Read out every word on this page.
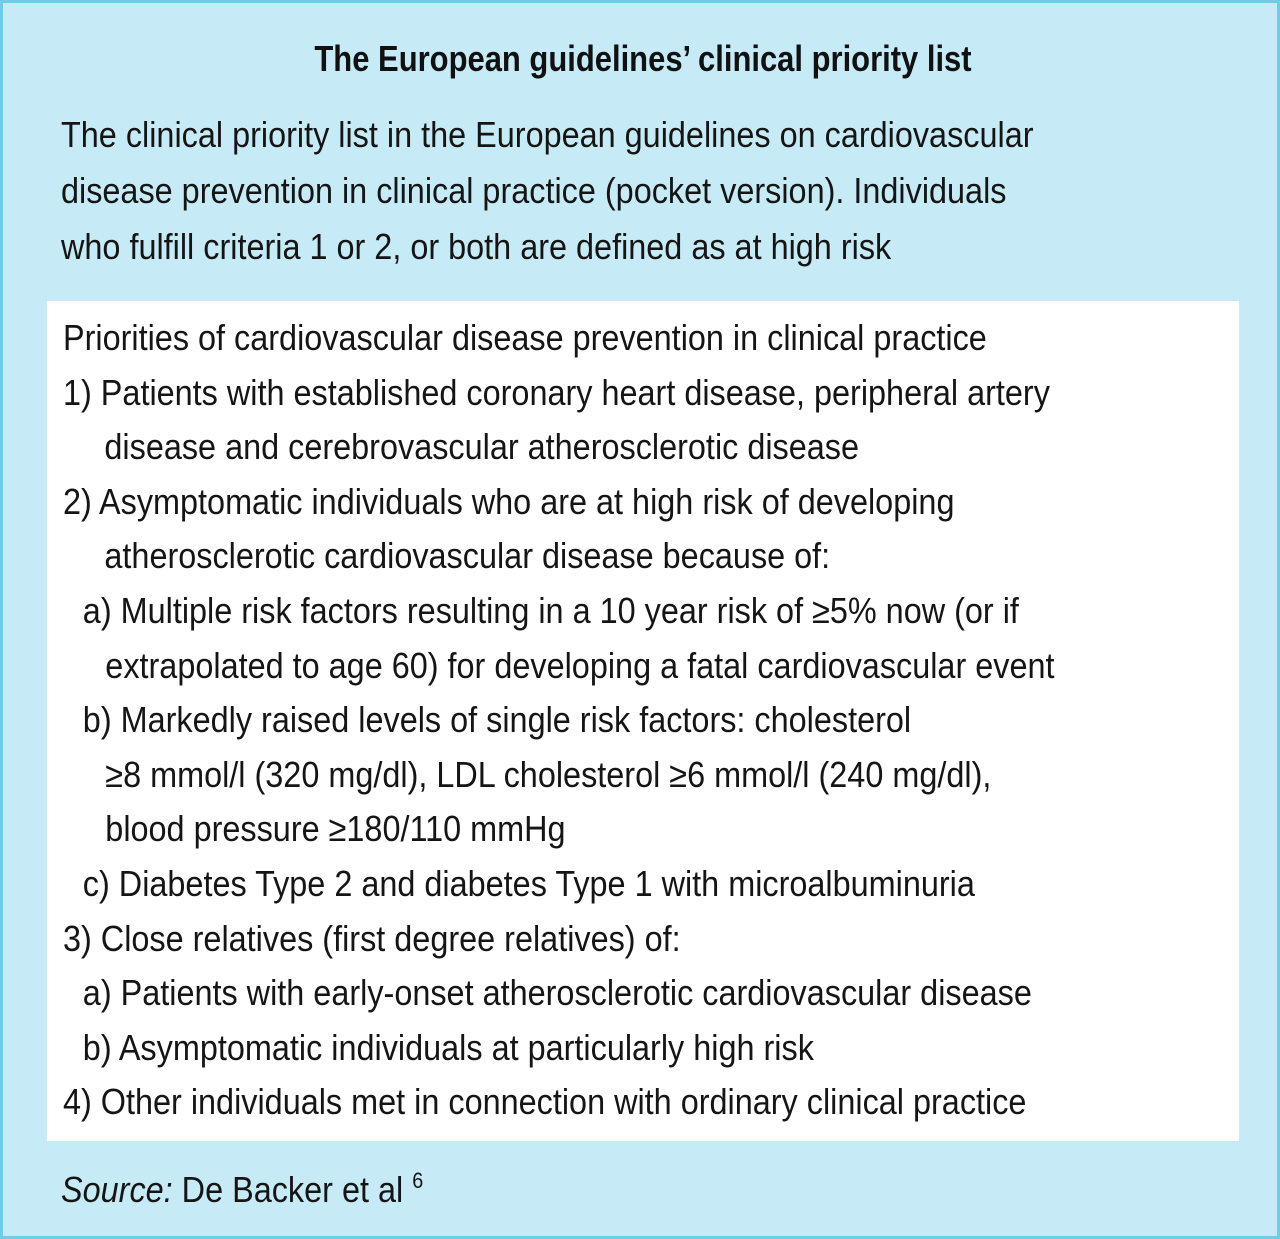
The European guidelines’ clinical priority list
The clinical priority list in the European guidelines on cardiovascular
disease prevention in clinical practice (pocket version). Individuals
who fulfill criteria 1 or 2, or both are defined as at high risk
Priorities of cardiovascular disease prevention in clinical practice
1) Patients with established coronary heart disease, peripheral artery
disease and cerebrovascular atherosclerotic disease
2) Asymptomatic individuals who are at high risk of developing
atherosclerotic cardiovascular disease because of:
a) Multiple risk factors resulting in a 10 year risk of ≥5% now (or if
extrapolated to age 60) for developing a fatal cardiovascular event
b) Markedly raised levels of single risk factors: cholesterol
≥8 mmol/l (320 mg/dl), LDL cholesterol ≥6 mmol/l (240 mg/dl),
blood pressure ≥180/110 mmHg
c) Diabetes Type 2 and diabetes Type 1 with microalbuminuria
3) Close relatives (first degree relatives) of:
a) Patients with early-onset atherosclerotic cardiovascular disease
b) Asymptomatic individuals at particularly high risk
4) Other individuals met in connection with ordinary clinical practice
Source: De Backer et al $^6$
